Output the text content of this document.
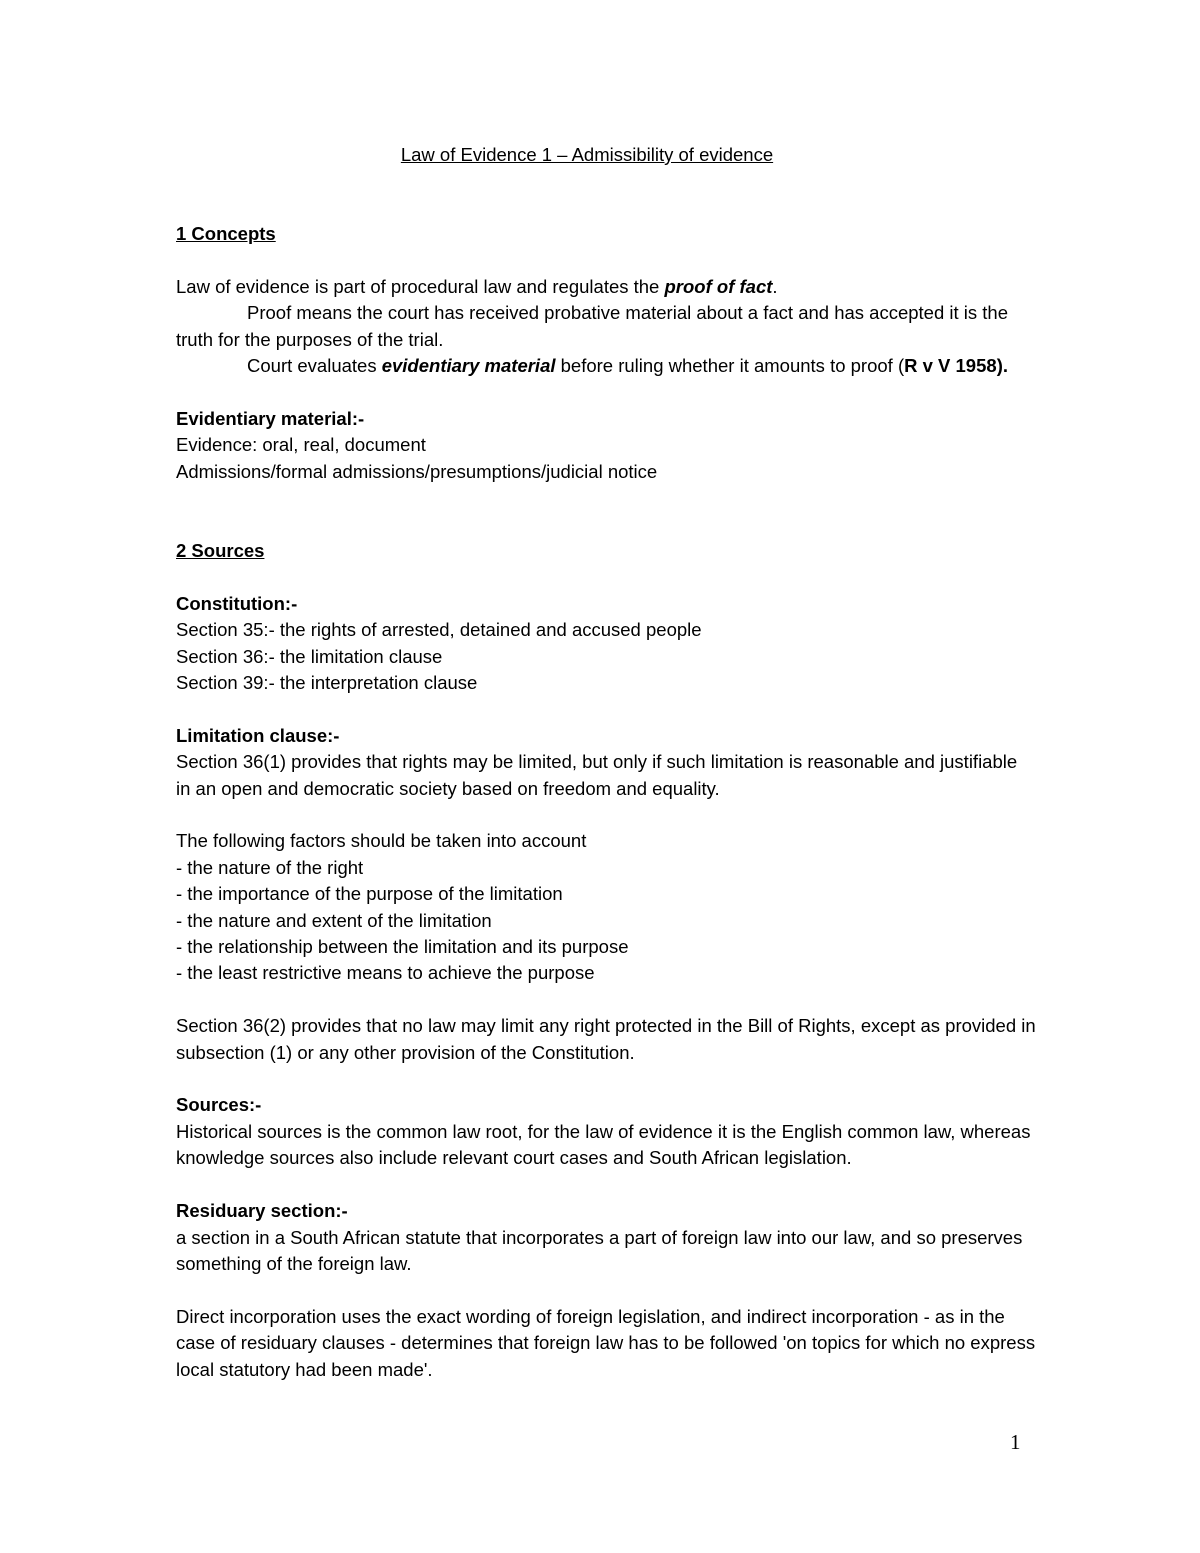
Law of Evidence 1 – Admissibility of evidence

1 Concepts

Law of evidence is part of procedural law and regulates the proof of fact.

Proof means the court has received probative material about a fact and has accepted it is the truth for the purposes of the trial.

Court evaluates evidentiary material before ruling whether it amounts to proof (R v V 1958).

Evidentiary material:-

Evidence: oral, real, document

Admissions/formal admissions/presumptions/judicial notice

2 Sources

Constitution:-

Section 35:- the rights of arrested, detained and accused people

Section 36:- the limitation clause

Section 39:- the interpretation clause

Limitation clause:-

Section 36(1) provides that rights may be limited, but only if such limitation is reasonable and justifiable in an open and democratic society based on freedom and equality.

The following factors should be taken into account

- the nature of the right

- the importance of the purpose of the limitation

- the nature and extent of the limitation

- the relationship between the limitation and its purpose

- the least restrictive means to achieve the purpose

Section 36(2) provides that no law may limit any right protected in the Bill of Rights, except as provided in subsection (1) or any other provision of the Constitution.

Sources:-

Historical sources is the common law root, for the law of evidence it is the English common law, whereas knowledge sources also include relevant court cases and South African legislation.

Residuary section:-

a section in a South African statute that incorporates a part of foreign law into our law, and so preserves something of the foreign law.

Direct incorporation uses the exact wording of foreign legislation, and indirect incorporation - as in the case of residuary clauses - determines that foreign law has to be followed 'on topics for which no express local statutory had been made'.

1
